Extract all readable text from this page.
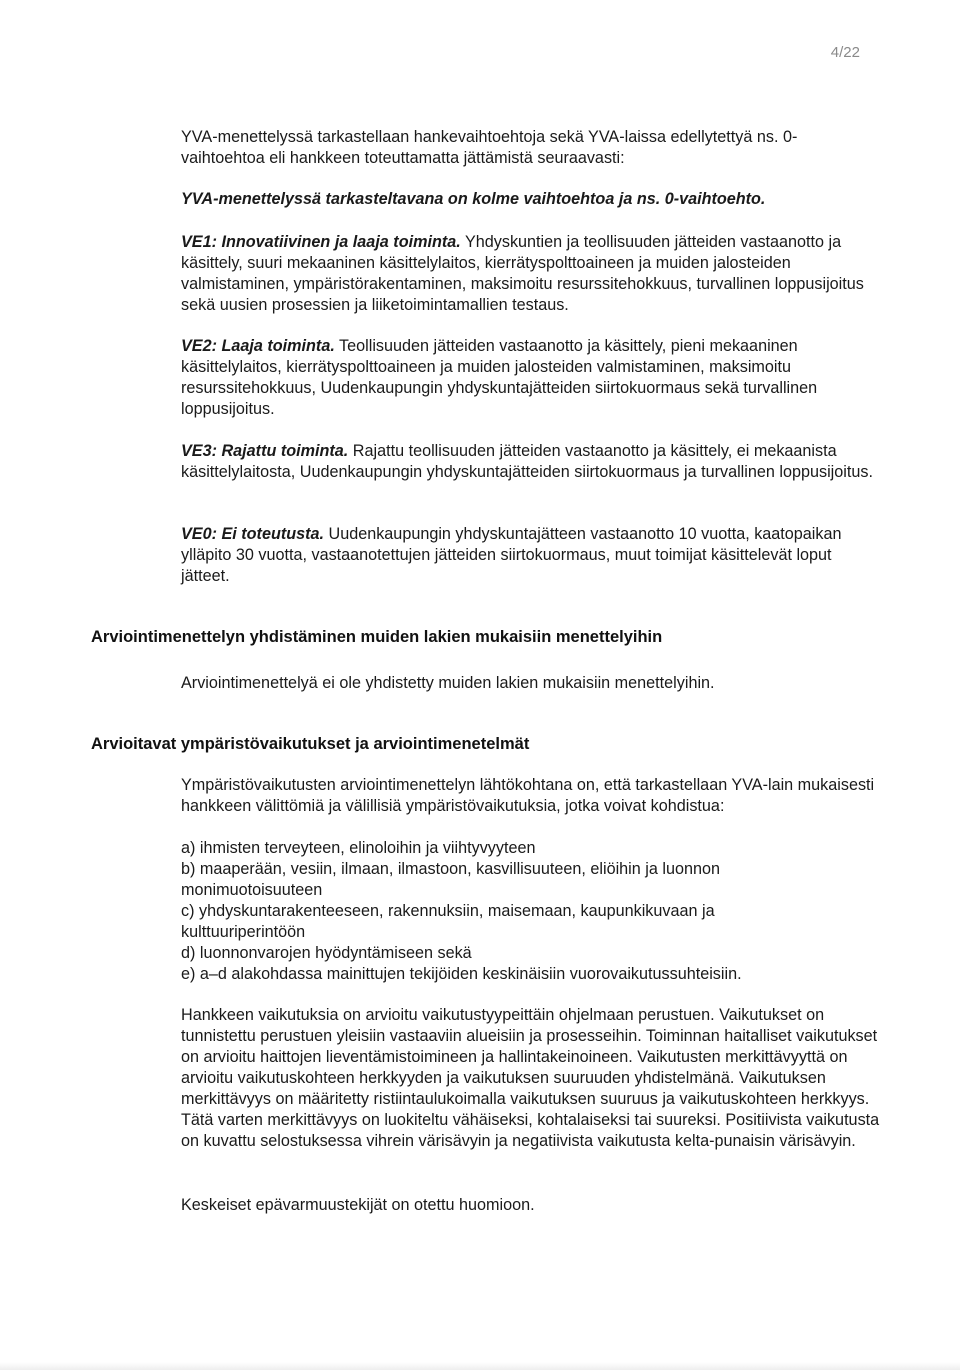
4/22

YVA-menettelyssä tarkastellaan hankevaihtoehtoja sekä YVA-laissa edellytettyä ns. 0-vaihtoehtoa eli hankkeen toteuttamatta jättämistä seuraavasti:

YVA-menettelyssä tarkasteltavana on kolme vaihtoehtoa ja ns. 0-vaihtoehto.

VE1: Innovatiivinen ja laaja toiminta. Yhdyskuntien ja teollisuuden jätteiden vastaanotto ja käsittely, suuri mekaaninen käsittelylaitos, kierrätyspolttoaineen ja muiden jalosteiden valmistaminen, ympäristörakentaminen, maksimoitu resurssitehokkuus, turvallinen loppusijoitus sekä uusien prosessien ja liiketoimintamallien testaus.

VE2: Laaja toiminta. Teollisuuden jätteiden vastaanotto ja käsittely, pieni mekaaninen käsittelylaitos, kierrätyspolttoaineen ja muiden jalosteiden valmistaminen, maksimoitu resurssitehokkuus, Uudenkaupungin yhdyskuntajätteiden siirtokuormaus sekä turvallinen loppusijoitus.

VE3: Rajattu toiminta. Rajattu teollisuuden jätteiden vastaanotto ja käsittely, ei mekaanista käsittelylaitosta, Uudenkaupungin yhdyskuntajätteiden siirtokuormaus ja turvallinen loppusijoitus.

VE0: Ei toteutusta. Uudenkaupungin yhdyskuntajätteen vastaanotto 10 vuotta, kaatopaikan ylläpito 30 vuotta, vastaanotettujen jätteiden siirtokuormaus, muut toimijat käsittelevät loput jätteet.

Arviointimenettelyn yhdistäminen muiden lakien mukaisiin menettelyihin

Arviointimenettelyä ei ole yhdistetty muiden lakien mukaisiin menettelyihin.

Arvioitavat ympäristövaikutukset ja arviointimenetelmät

Ympäristövaikutusten arviointimenettelyn lähtökohtana on, että tarkastellaan YVA-lain mukaisesti hankkeen välittömiä ja välillisiä ympäristövaikutuksia, jotka voivat kohdistua:

a) ihmisten terveyteen, elinoloihin ja viihtyvyyteen

b) maaperään, vesiin, ilmaan, ilmastoon, kasvillisuuteen, eliöihin ja luonnon monimuotoisuuteen

c) yhdyskuntarakenteeseen, rakennuksiin, maisemaan, kaupunkikuvaan ja kulttuuriperintöön

d) luonnonvarojen hyödyntämiseen sekä

e) a–d alakohdassa mainittujen tekijöiden keskinäisiin vuorovaikutussuhteisiin.

Hankkeen vaikutuksia on arvioitu vaikutustyypeittäin ohjelmaan perustuen. Vaikutukset on tunnistettu perustuen yleisiin vastaaviin alueisiin ja prosesseihin. Toiminnan haitalliset vaikutukset on arvioitu haittojen lieventämistoimineen ja hallintakeinoineen. Vaikutusten merkittävyyttä on arvioitu vaikutuskohteen herkkyyden ja vaikutuksen suuruuden yhdistelmänä. Vaikutuksen merkittävyys on määritetty ristiintaulukoimalla vaikutuksen suuruus ja vaikutuskohteen herkkyys. Tätä varten merkittävyys on luokiteltu vähäiseksi, kohtalaiseksi tai suureksi. Positiivista vaikutusta on kuvattu selostuksessa vihrein värisävyin ja negatiivista vaikutusta kelta-punaisin värisävyin.

Keskeiset epävarmuustekijät on otettu huomioon.
